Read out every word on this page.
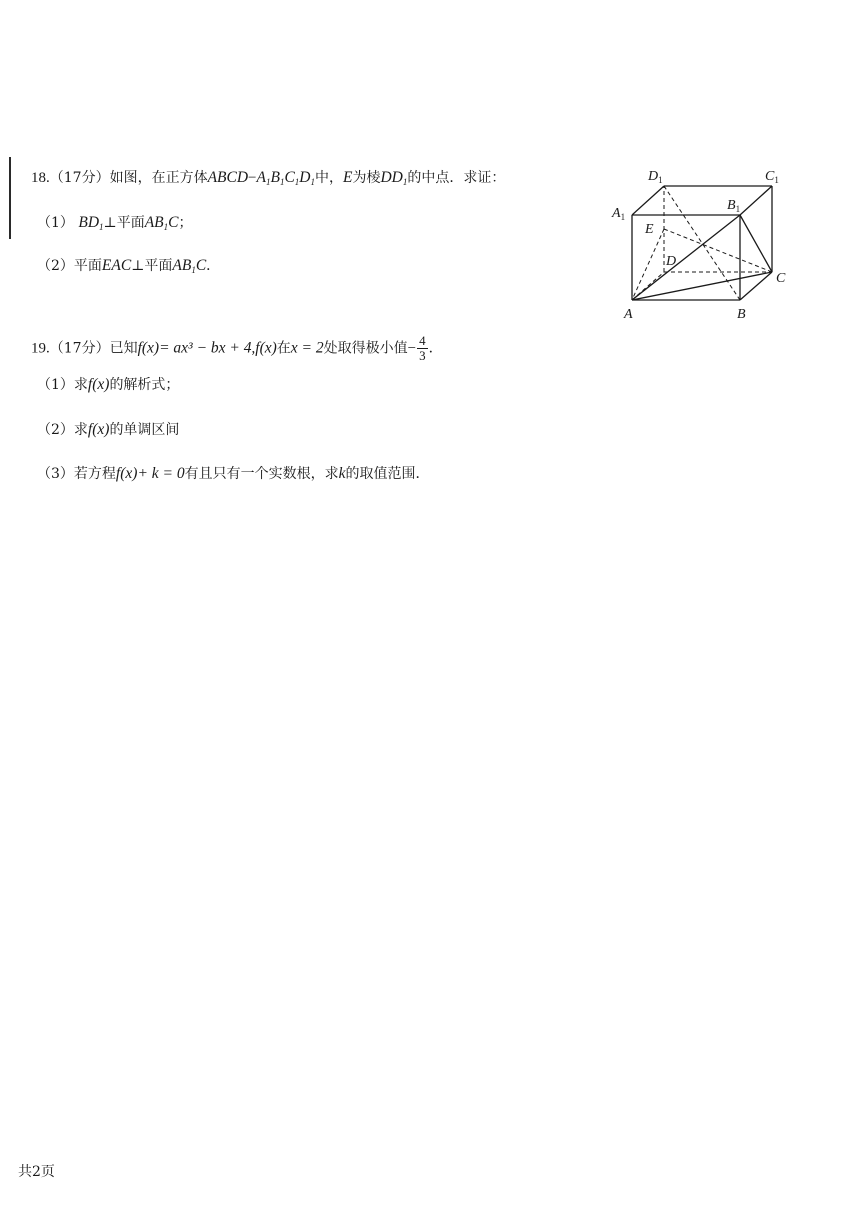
18.（17分）如图，在正方体$ABCD-A_1B_1C_1D_1$中，E为棱$DD_1$的中点．求证：
（1） $BD_1\perp$平面$AB_1C$；
（2）平面EAC⊥平面$AB_1C$．
$D_1$	$C_1$
$A_1$
$B_1$
E
D
C
A	B
19.（17分）已知f(x)= ax³ − bx + 4,f(x)在x = 2处取得极小值− $\frac{4}{3}$ ．
（1）求f(x)的解析式；
（2）求f(x)的单调区间
（3）若方程f(x)+ k = 0有且只有一个实数根，求k的取值范围．
共2页
